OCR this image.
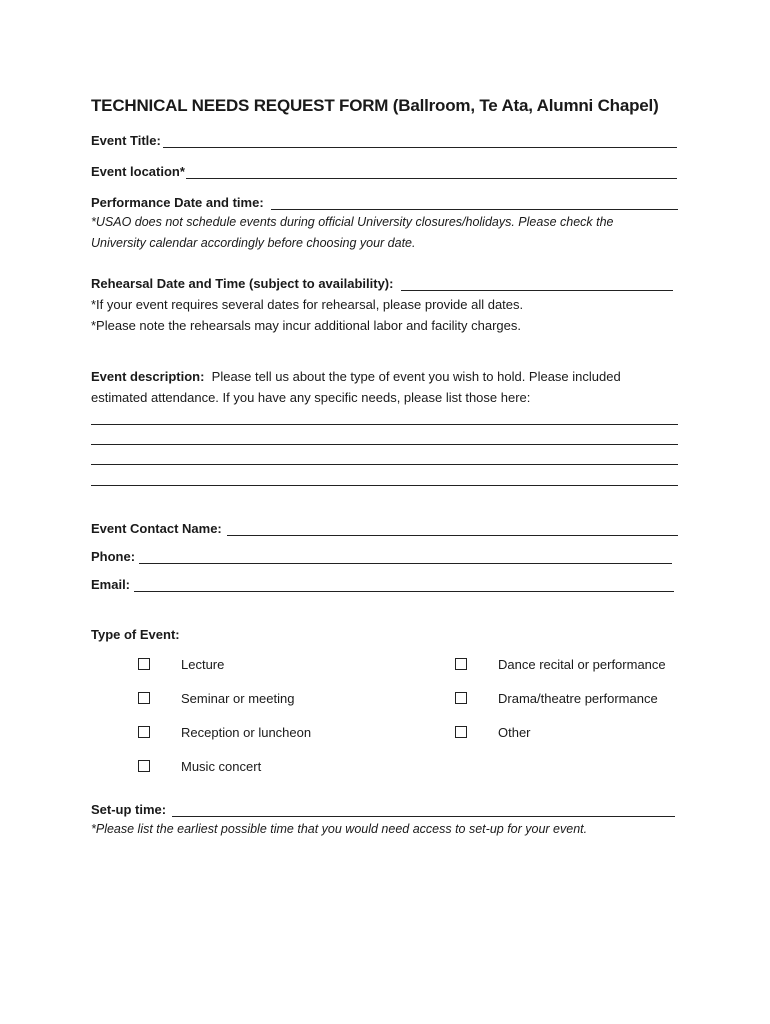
TECHNICAL NEEDS REQUEST FORM (Ballroom, Te Ata, Alumni Chapel)
Event Title:
Event location*
Performance Date and time:
*USAO does not schedule events during official University closures/holidays. Please check the
University calendar accordingly before choosing your date.
Rehearsal Date and Time (subject to availability):
*If your event requires several dates for rehearsal, please provide all dates.
*Please note the rehearsals may incur additional labor and facility charges.
Event description: Please tell us about the type of event you wish to hold. Please included
estimated attendance. If you have any specific needs, please list those here:
Event Contact Name:
Phone:
Email:
Type of Event:
Lecture
Seminar or meeting
Reception or luncheon
Music concert
Dance recital or performance
Drama/theatre performance
Other
Set-up time:
*Please list the earliest possible time that you would need access to set-up for your event.
